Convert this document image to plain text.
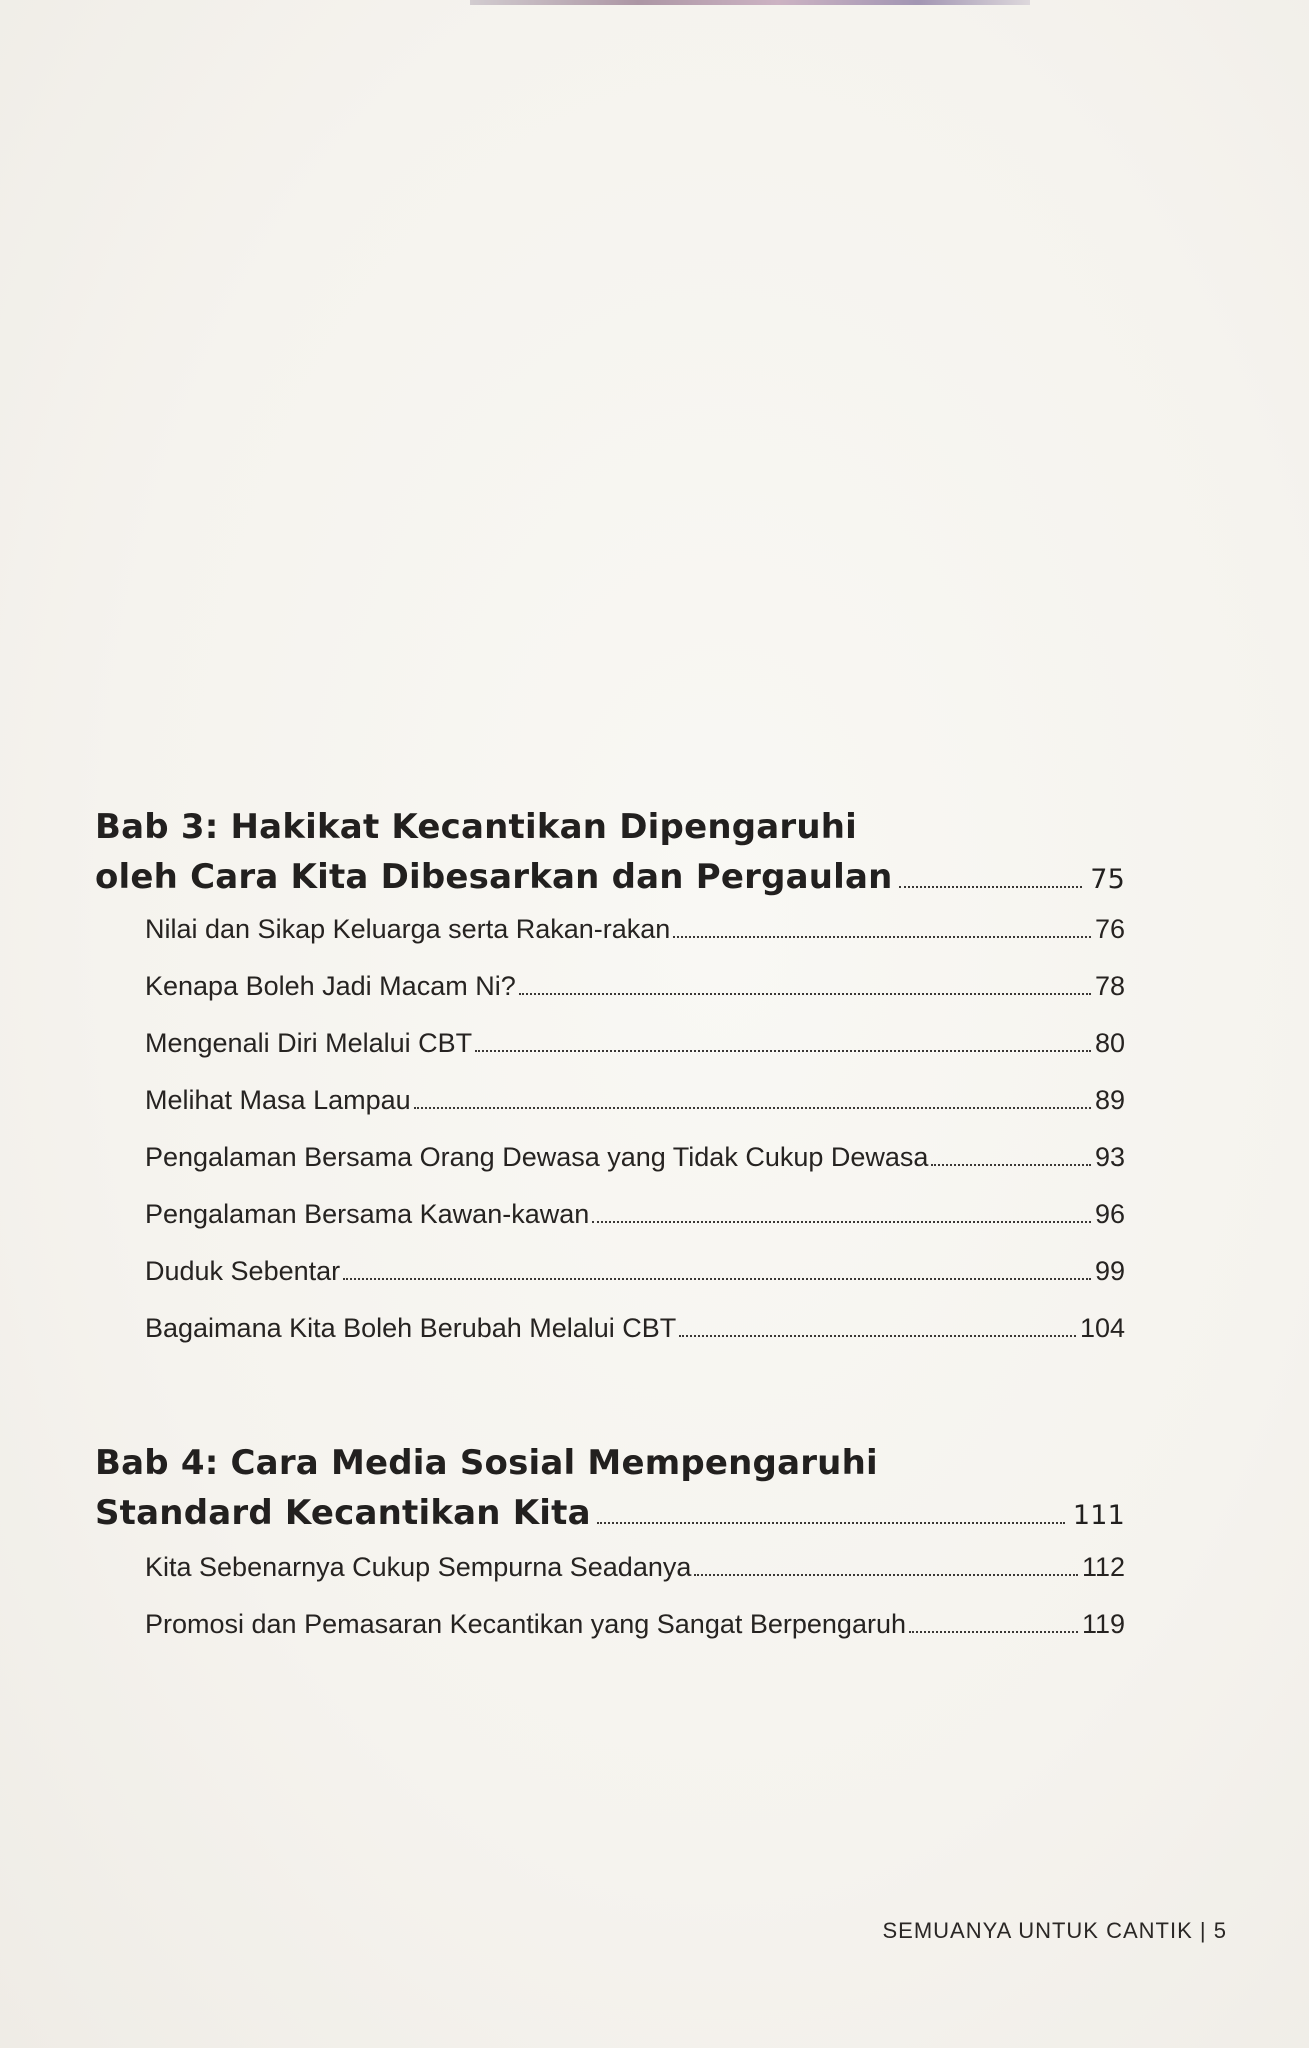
Bab 3: Hakikat Kecantikan Dipengaruhi
oleh Cara Kita Dibesarkan dan Pergaulan	75
Nilai dan Sikap Keluarga serta Rakan-rakan	76
Kenapa Boleh Jadi Macam Ni?	78
Mengenali Diri Melalui CBT	80
Melihat Masa Lampau	89
Pengalaman Bersama Orang Dewasa yang Tidak Cukup Dewasa	93
Pengalaman Bersama Kawan-kawan	96
Duduk Sebentar	99
Bagaimana Kita Boleh Berubah Melalui CBT	104
Bab 4: Cara Media Sosial Mempengaruhi
Standard Kecantikan Kita	111
Kita Sebenarnya Cukup Sempurna Seadanya	112
Promosi dan Pemasaran Kecantikan yang Sangat Berpengaruh	119
SEMUANYA UNTUK CANTIK | 5
